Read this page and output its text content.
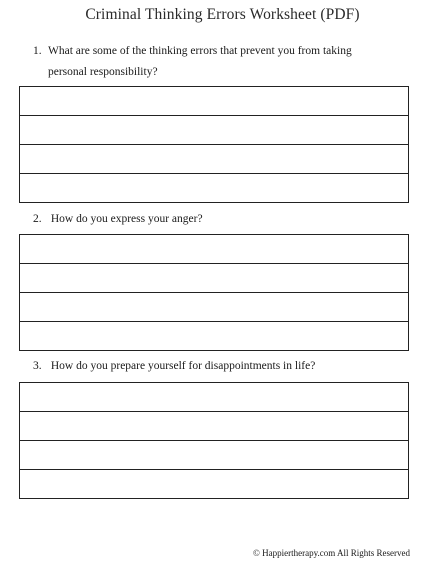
Criminal Thinking Errors Worksheet (PDF)
1. What are some of the thinking errors that prevent you from taking personal responsibility?
2. How do you express your anger?
3. How do you prepare yourself for disappointments in life?
© Happiertherapy.com All Rights Reserved
